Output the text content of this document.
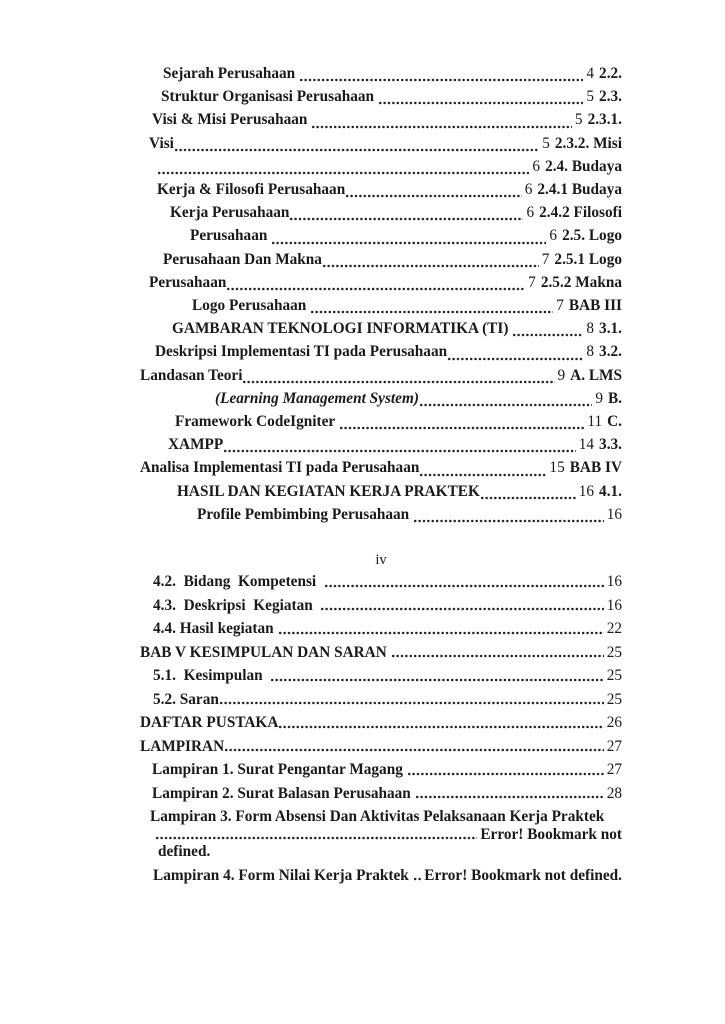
Sejarah Perusahaan	4 2.2.
Struktur Organisasi Perusahaan	5 2.3.
Visi & Misi Perusahaan	5 2.3.1.
Visi	5 2.3.2. Misi
6 2.4. Budaya
Kerja & Filosofi Perusahaan	6 2.4.1 Budaya
Kerja Perusahaan	6 2.4.2 Filosofi
Perusahaan	6 2.5. Logo
Perusahaan Dan Makna	7 2.5.1 Logo
Perusahaan	7 2.5.2 Makna
Logo Perusahaan	7 BAB III
GAMBARAN TEKNOLOGI INFORMATIKA (TI)	8 3.1.
Deskripsi Implementasi TI pada Perusahaan	8 3.2.
Landasan Teori	9 A. LMS
(Learning Management System)	9 B.
Framework CodeIgniter	11 C.
XAMPP	14 3.3.
Analisa Implementasi TI pada Perusahaan	15 BAB IV
HASIL DAN KEGIATAN KERJA PRAKTEK	16 4.1.
Profile Pembimbing Perusahaan	16
iv
4.2.  Bidang  Kompetensi	16
4.3.  Deskripsi  Kegiatan	16
4.4. Hasil kegiatan	22
BAB V KESIMPULAN DAN SARAN	25
5.1.  Kesimpulan	25
5.2. Saran	25
DAFTAR PUSTAKA	26
LAMPIRAN	27
Lampiran 1. Surat Pengantar Magang	27
Lampiran 2. Surat Balasan Perusahaan	28
Lampiran 3. Form Absensi Dan Aktivitas Pelaksanaan Kerja Praktek
Error! Bookmark not
defined.
Lampiran 4. Form Nilai Kerja Praktek Error! Bookmark not defined.
